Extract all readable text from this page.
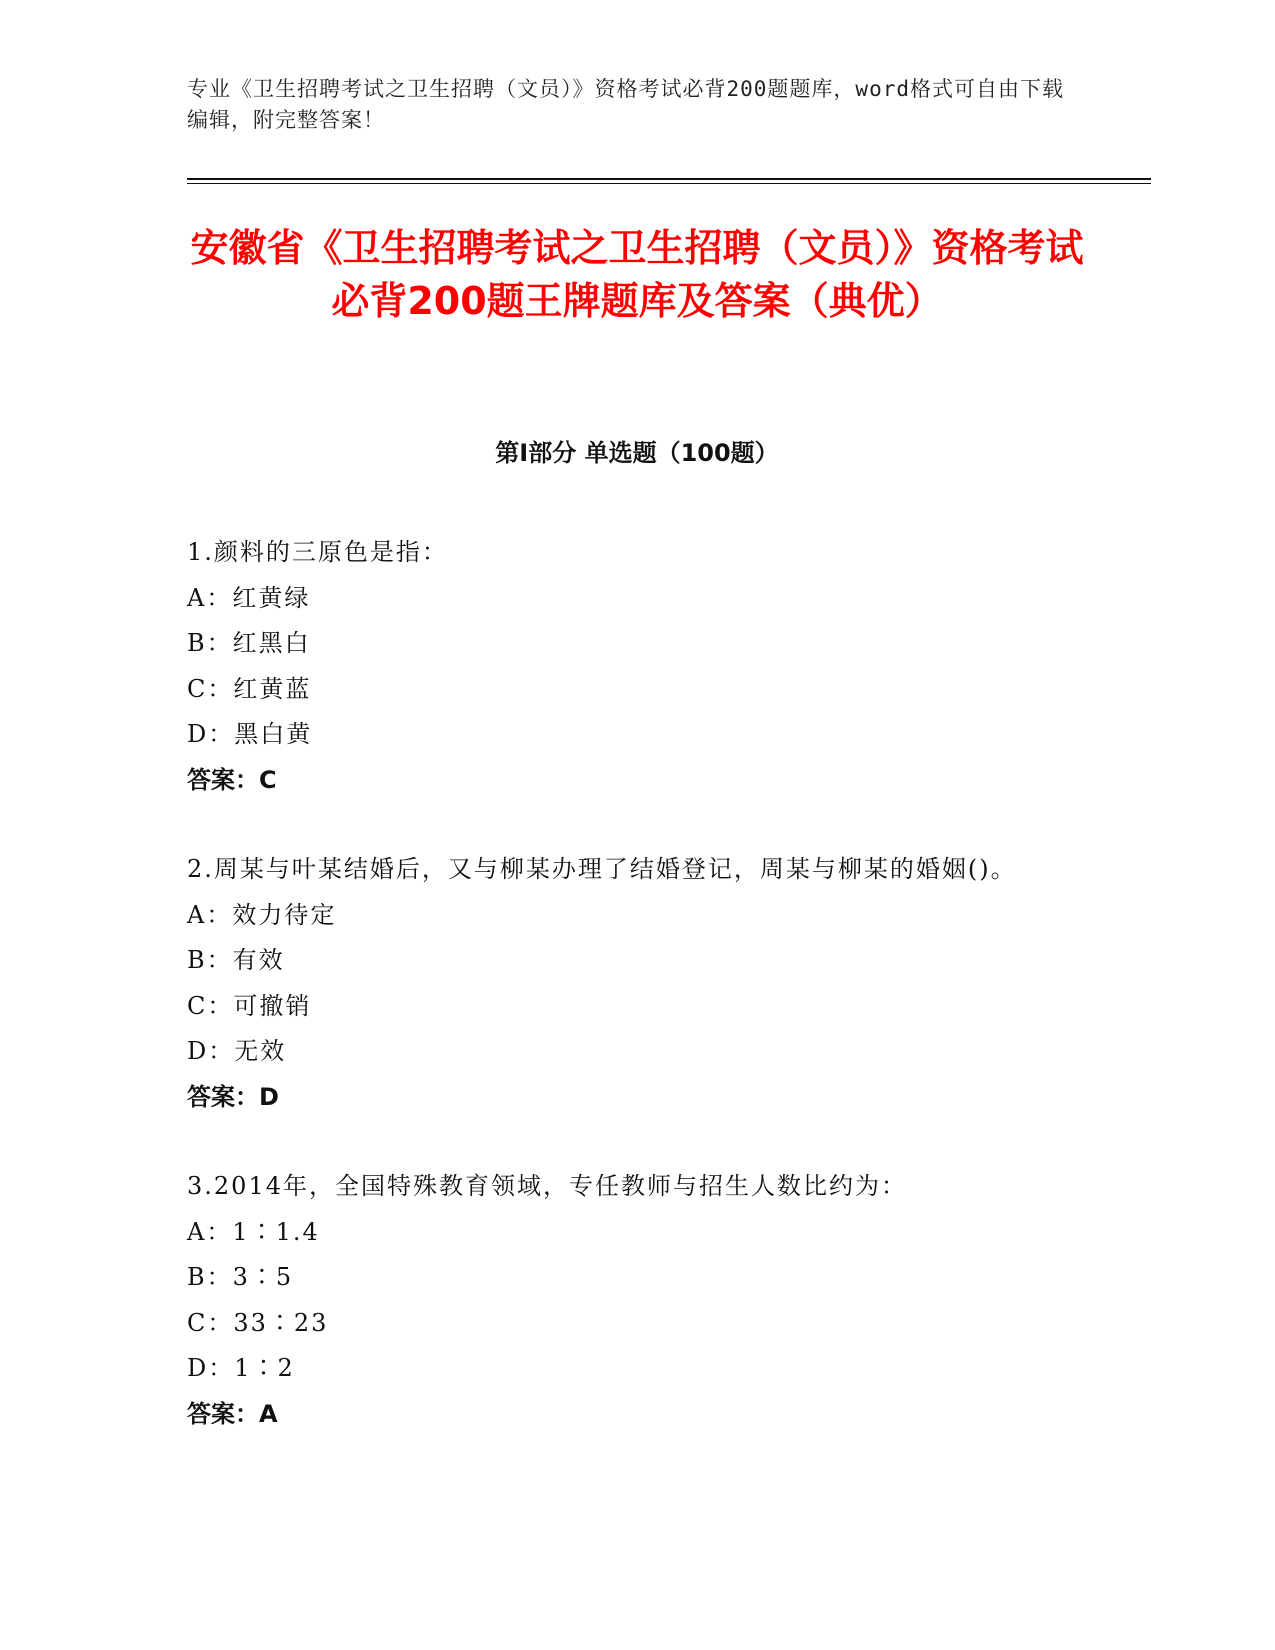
专业《卫生招聘考试之卫生招聘（文员）》资格考试必背200题题库，word格式可自由下载编辑，附完整答案！
安徽省《卫生招聘考试之卫生招聘（文员）》资格考试必背200题王牌题库及答案（典优）
第Ⅰ部分 单选题（100题）
1.颜料的三原色是指：
A：红黄绿
B：红黑白
C：红黄蓝
D：黑白黄
答案：C
2.周某与叶某结婚后，又与柳某办理了结婚登记，周某与柳某的婚姻()。
A：效力待定
B：有效
C：可撤销
D：无效
答案：D
3.2014年，全国特殊教育领域，专任教师与招生人数比约为：
A：1∶1.4
B：3∶5
C：33∶23
D：1∶2
答案：A
